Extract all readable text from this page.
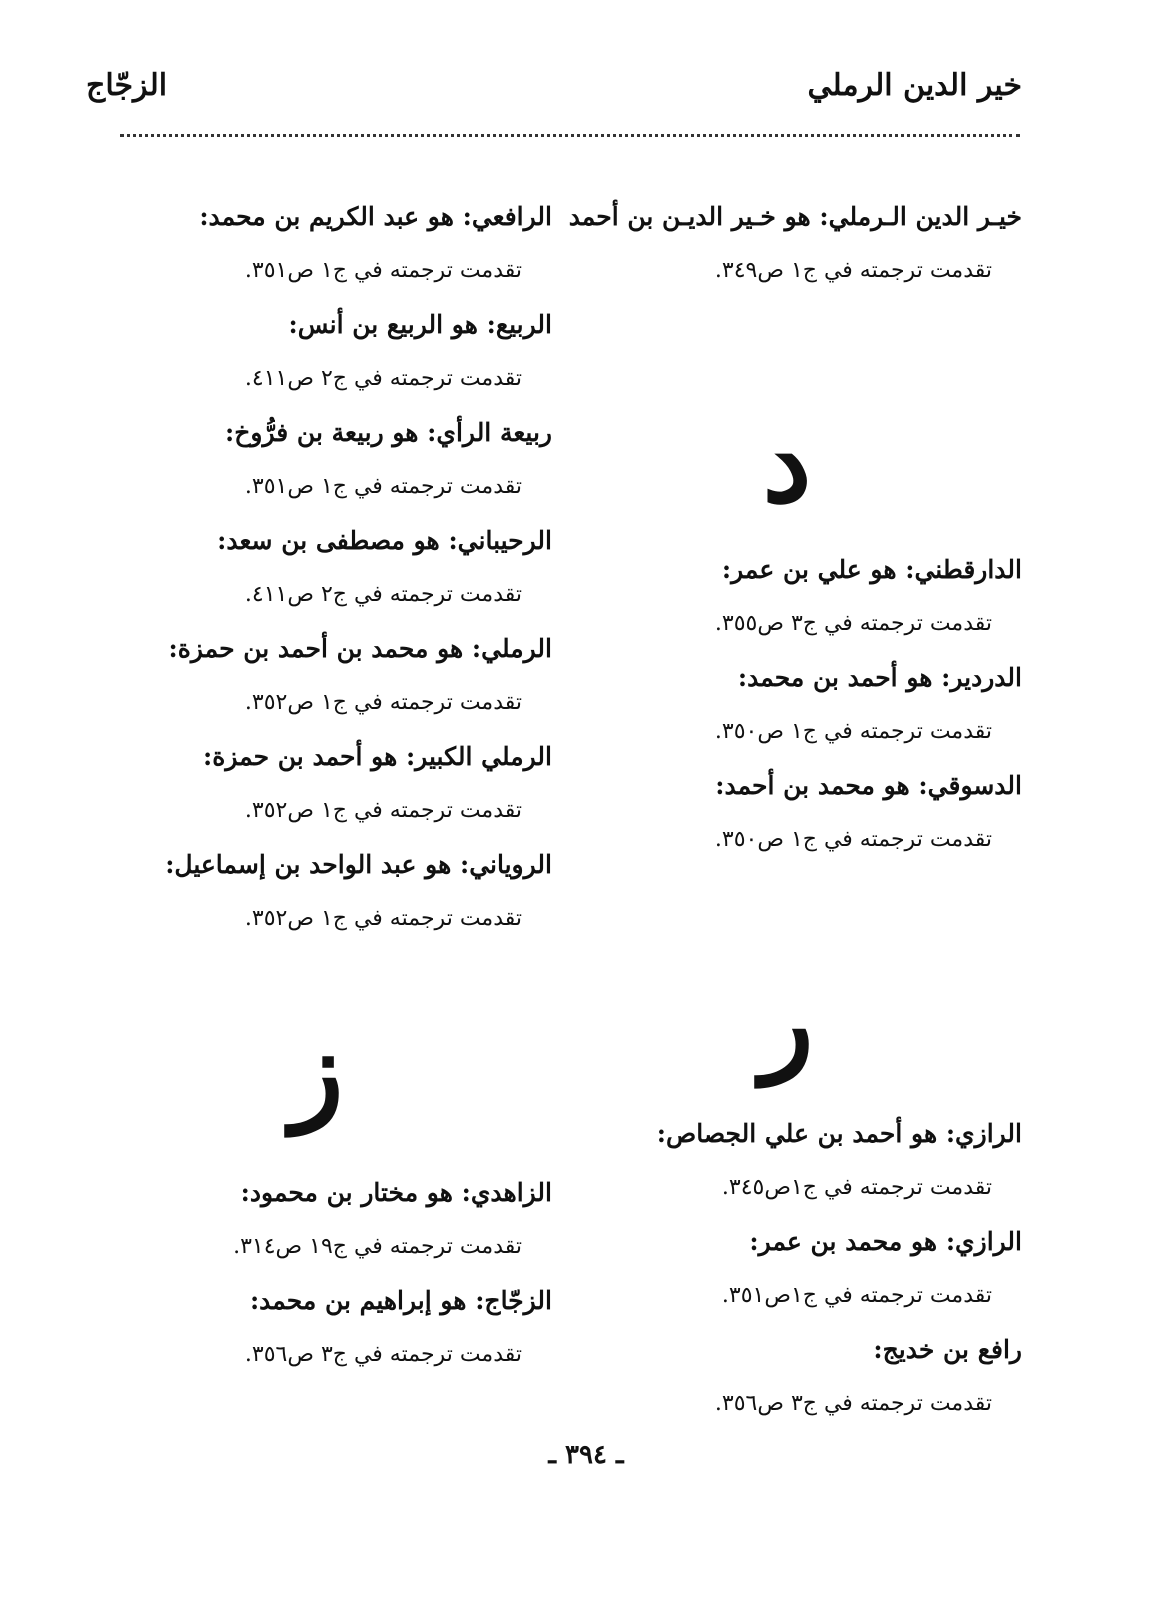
خير الدين الرملي
الزجّاج
خيـر الدين الـرملي: هو خـير الديـن بن أحمد
تقدمت ترجمته في ج١ ص٣٤٩.
د
الدارقطني: هو علي بن عمر:
تقدمت ترجمته في ج٣ ص٣٥٥.
الدردير: هو أحمد بن محمد:
تقدمت ترجمته في ج١ ص٣٥٠.
الدسوقي: هو محمد بن أحمد:
تقدمت ترجمته في ج١ ص٣٥٠.
ر
الرازي: هو أحمد بن علي الجصاص:
تقدمت ترجمته في ج١ص٣٤٥.
الرازي: هو محمد بن عمر:
تقدمت ترجمته في ج١ص٣٥١.
رافع بن خديج:
تقدمت ترجمته في ج٣ ص٣٥٦.
الرافعي: هو عبد الكريم بن محمد:
تقدمت ترجمته في ج١ ص٣٥١.
الربيع: هو الربيع بن أنس:
تقدمت ترجمته في ج٢ ص٤١١.
ربيعة الرأي: هو ربيعة بن فرُّوخ:
تقدمت ترجمته في ج١ ص٣٥١.
الرحيباني: هو مصطفى بن سعد:
تقدمت ترجمته في ج٢ ص٤١١.
الرملي: هو محمد بن أحمد بن حمزة:
تقدمت ترجمته في ج١ ص٣٥٢.
الرملي الكبير: هو أحمد بن حمزة:
تقدمت ترجمته في ج١ ص٣٥٢.
الروياني: هو عبد الواحد بن إسماعيل:
تقدمت ترجمته في ج١ ص٣٥٢.
ز
الزاهدي: هو مختار بن محمود:
تقدمت ترجمته في ج١٩ ص٣١٤.
الزجّاج: هو إبراهيم بن محمد:
تقدمت ترجمته في ج٣ ص٣٥٦.
ـ ٣٩٤ ـ
